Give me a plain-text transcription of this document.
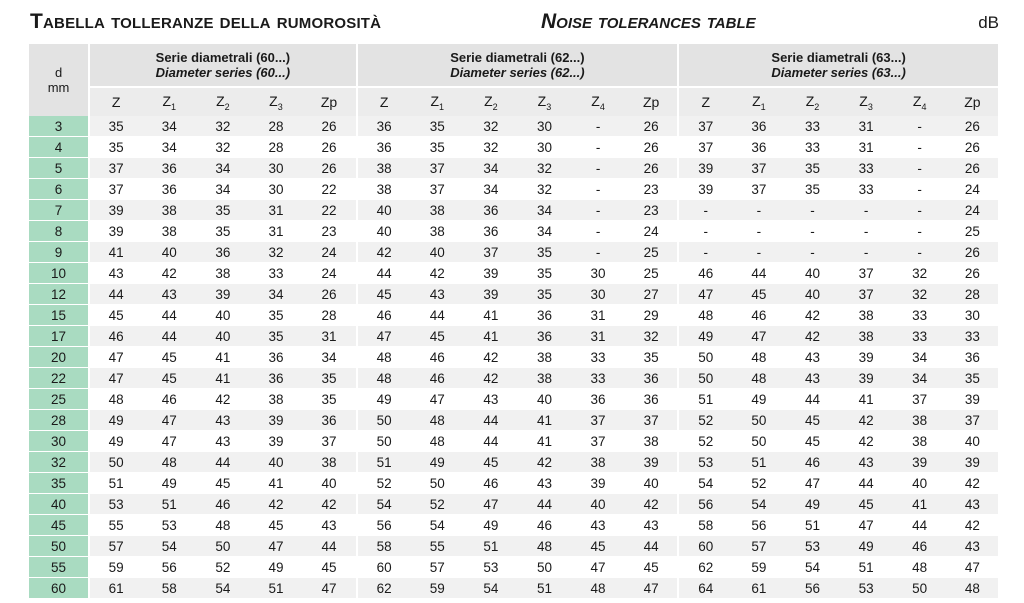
Tabella tolleranze della rumorosità	Noise tolerances table	dB
d
mm	Serie diametrali (60...)
Diameter series (60...)					Serie diametrali (62...)
Diameter series (62...)						Serie diametrali (63...)
Diameter series (63...)					

	Z	$Z_1$	$Z_2$	$Z_3$	Zp	Z	$Z_1$	$Z_2$	$Z_3$	$Z_4$	Zp	Z	$Z_1$	$Z_2$	$Z_3$	$Z_4$	Zp
3	35	34	32	28	26	36	35	32	30	-	26	37	36	33	31	-	26
4	35	34	32	28	26	36	35	32	30	-	26	37	36	33	31	-	26
5	37	36	34	30	26	38	37	34	32	-	26	39	37	35	33	-	26
6	37	36	34	30	22	38	37	34	32	-	23	39	37	35	33	-	24
7	39	38	35	31	22	40	38	36	34	-	23	-	-	-	-	-	24
8	39	38	35	31	23	40	38	36	34	-	24	-	-	-	-	-	25
9	41	40	36	32	24	42	40	37	35	-	25	-	-	-	-	-	26
10	43	42	38	33	24	44	42	39	35	30	25	46	44	40	37	32	26
12	44	43	39	34	26	45	43	39	35	30	27	47	45	40	37	32	28
15	45	44	40	35	28	46	44	41	36	31	29	48	46	42	38	33	30
17	46	44	40	35	31	47	45	41	36	31	32	49	47	42	38	33	33
20	47	45	41	36	34	48	46	42	38	33	35	50	48	43	39	34	36
22	47	45	41	36	35	48	46	42	38	33	36	50	48	43	39	34	35
25	48	46	42	38	35	49	47	43	40	36	36	51	49	44	41	37	39
28	49	47	43	39	36	50	48	44	41	37	37	52	50	45	42	38	37
30	49	47	43	39	37	50	48	44	41	37	38	52	50	45	42	38	40
32	50	48	44	40	38	51	49	45	42	38	39	53	51	46	43	39	39
35	51	49	45	41	40	52	50	46	43	39	40	54	52	47	44	40	42
40	53	51	46	42	42	54	52	47	44	40	42	56	54	49	45	41	43
45	55	53	48	45	43	56	54	49	46	43	43	58	56	51	47	44	42
50	57	54	50	47	44	58	55	51	48	45	44	60	57	53	49	46	43
55	59	56	52	49	45	60	57	53	50	47	45	62	59	54	51	48	47
60	61	58	54	51	47	62	59	54	51	48	47	64	61	56	53	50	48
